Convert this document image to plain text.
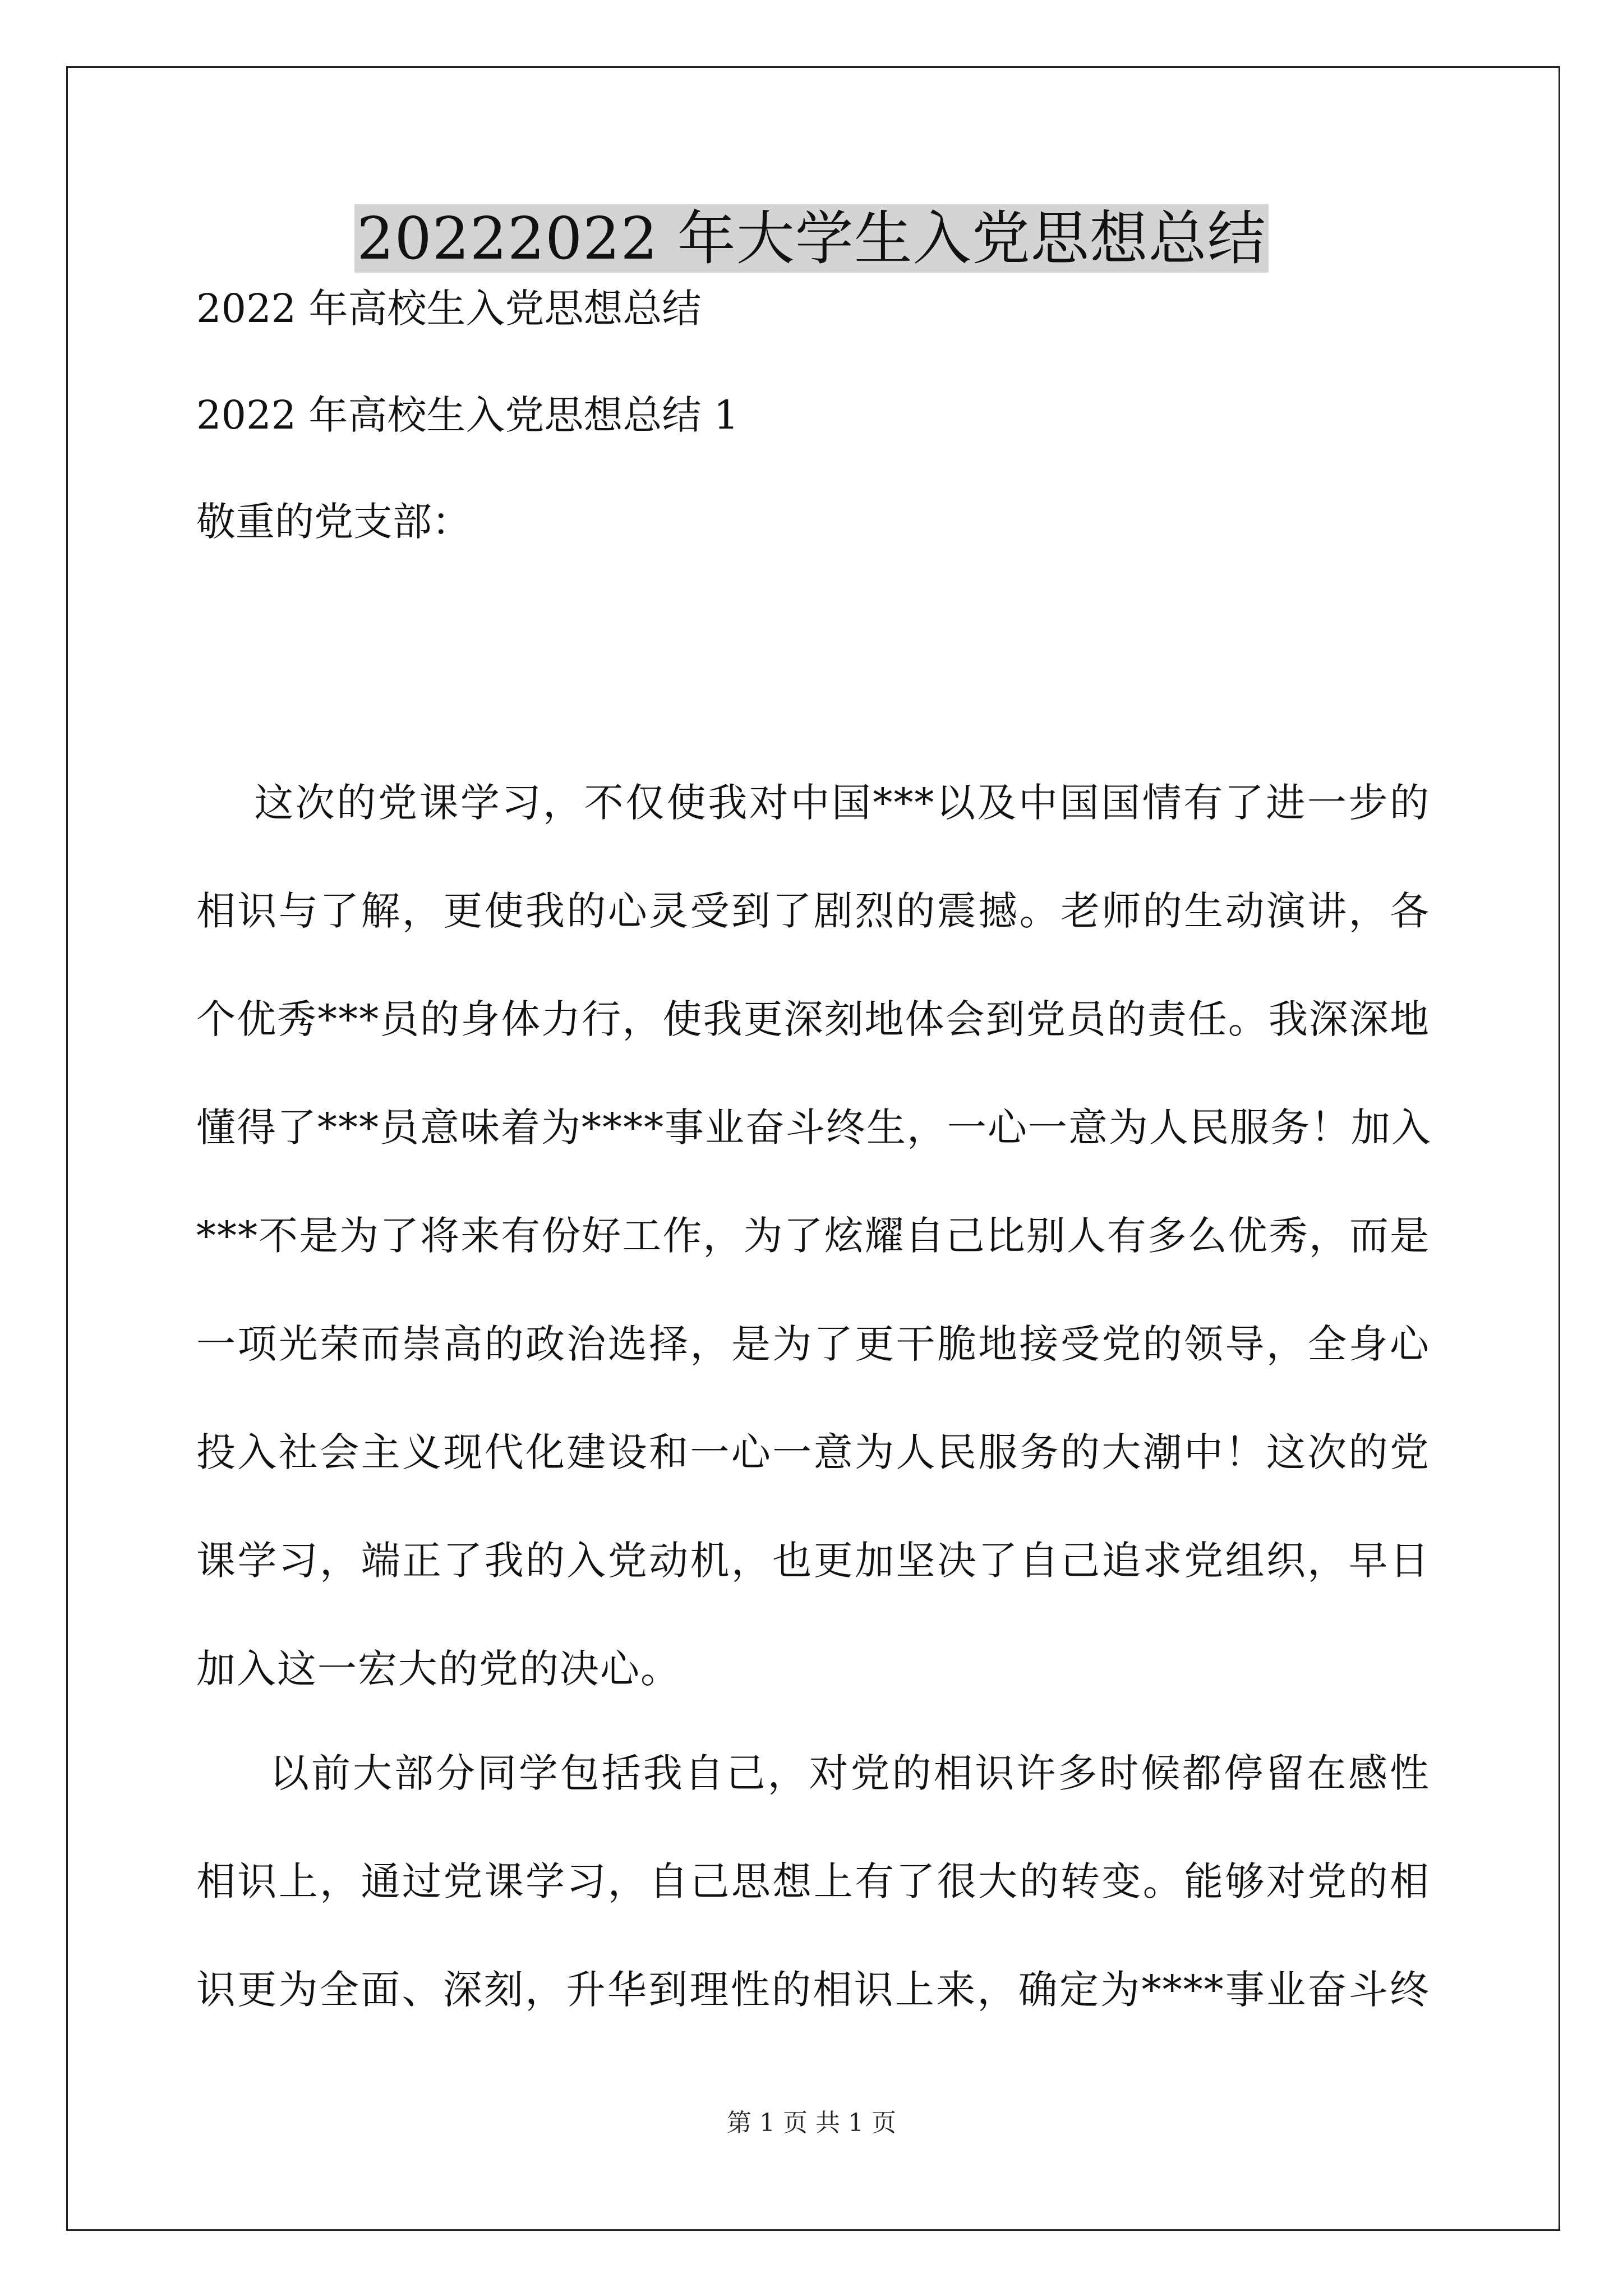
20222022 年大学生入党思想总结
2022 年高校生入党思想总结
2022 年高校生入党思想总结 1
敬重的党支部：
这次的党课学习，不仅使我对中国***以及中国国情有了进一步的
相识与了解，更使我的心灵受到了剧烈的震撼。老师的生动演讲，各
个优秀***员的身体力行，使我更深刻地体会到党员的责任。我深深地
懂得了***员意味着为****事业奋斗终生，一心一意为人民服务！加入
***不是为了将来有份好工作，为了炫耀自己比别人有多么优秀，而是
一项光荣而崇高的政治选择，是为了更干脆地接受党的领导，全身心
投入社会主义现代化建设和一心一意为人民服务的大潮中！这次的党
课学习，端正了我的入党动机，也更加坚决了自己追求党组织，早日
加入这一宏大的党的决心。
以前大部分同学包括我自己，对党的相识许多时候都停留在感性
相识上，通过党课学习，自己思想上有了很大的转变。能够对党的相
识更为全面、深刻，升华到理性的相识上来，确定为****事业奋斗终
第 1 页 共 1 页
